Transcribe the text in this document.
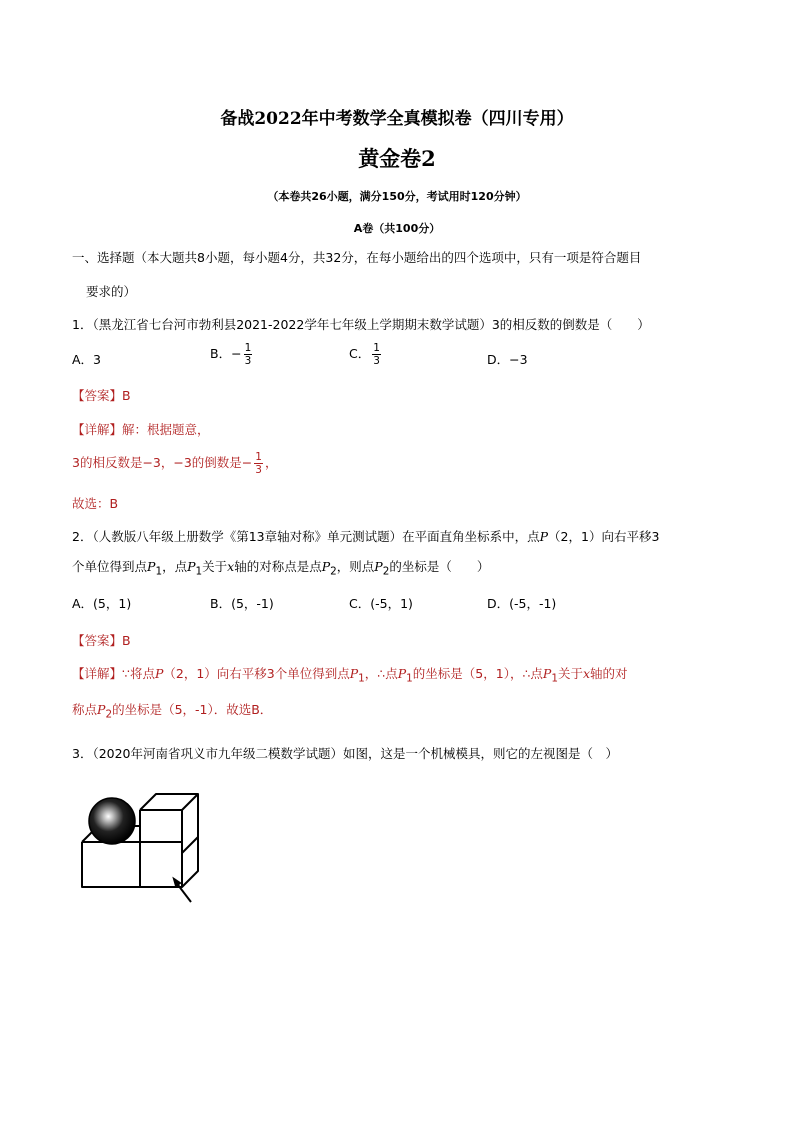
备战2022年中考数学全真模拟卷（四川专用）
黄金卷2
（本卷共26小题，满分150分，考试用时120分钟）
A卷（共100分）
一、选择题（本大题共8小题，每小题4分，共32分，在每小题给出的四个选项中，只有一项是符合题目
要求的）
1．（黑龙江省七台河市勃利县2021-2022学年七年级上学期期末数学试题）3的相反数的倒数是（　　）
A．3	B．− $\frac{1}{3}$	C． $\frac{1}{3}$	D．−3
【答案】B
【详解】解：根据题意，
3的相反数是−3，−3的倒数是− $\frac{1}{3}$ ，
故选：B
2．（人教版八年级上册数学《第13章轴对称》单元测试题）在平面直角坐标系中，点P（2，1）向右平移3
个单位得到点$P_1$，点$P_1$关于x轴的对称点是点$P_2$，则点$P_2$的坐标是（　　）
A．(5，1)	B．(5，-1)	C．(-5，1)	D．(-5，-1)
【答案】B
【详解】∵将点P（2，1）向右平移3个单位得到点$P_1$，∴点$P_1$的坐标是（5，1），∴点$P_1$关于x轴的对
称点$P_2$的坐标是（5，-1）．故选B．
3．（2020年河南省巩义市九年级二模数学试题）如图，这是一个机械模具，则它的左视图是（　）
